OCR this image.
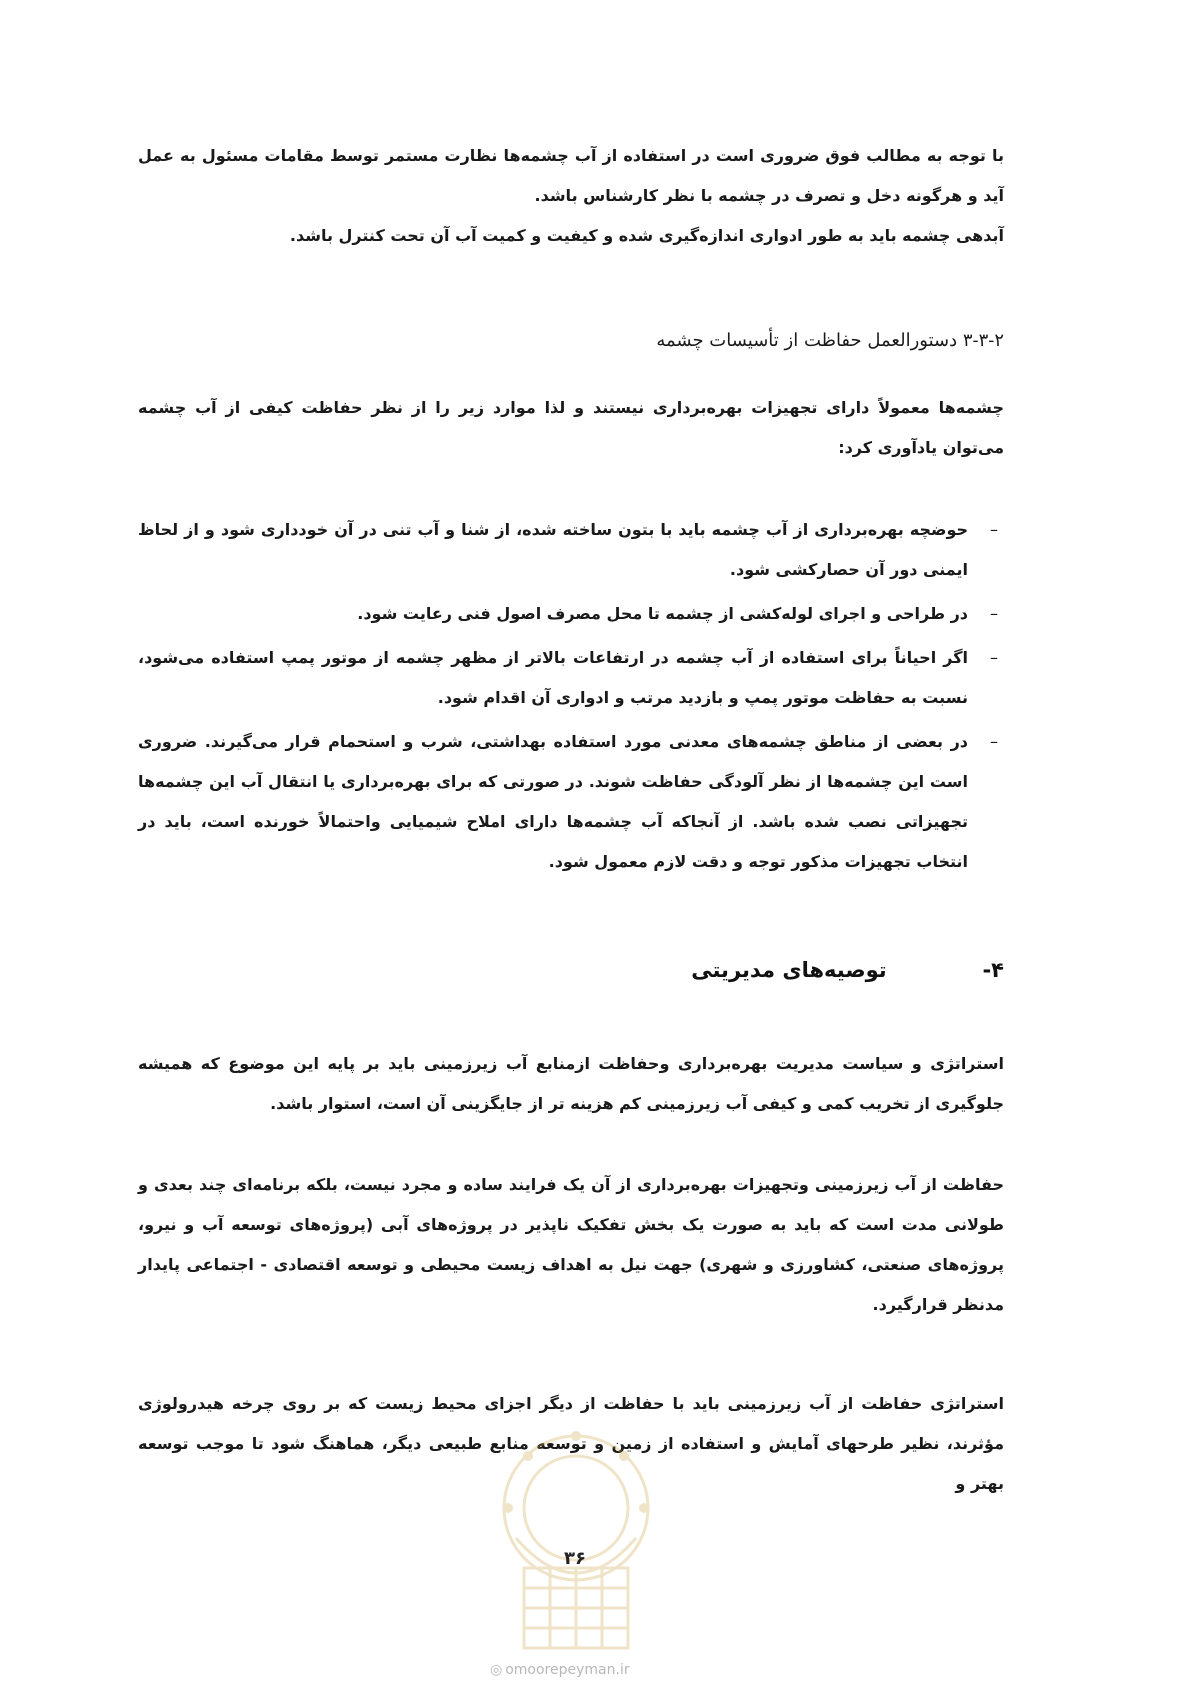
با توجه به مطالب فوق ضروری است در استفاده از آب چشمه‌ها نظارت مستمر توسط مقامات مسئول به عمل آید و هرگونه دخل و تصرف در چشمه با نظر کارشناس باشد.

آبدهی چشمه باید به طور ادواری اندازه‌گیری شده و کیفیت و کمیت آب آن تحت کنترل باشد.

۳-۳-۲ دستورالعمل حفاظت از تأسیسات چشمه
چشمه‌ها معمولاً دارای تجهیزات بهره‌برداری نیستند و لذا موارد زیر را از نظر حفاظت کیفی از آب چشمه می‌توان یادآوری کرد:
–
حوضچه بهره‌برداری از آب چشمه باید با بتون ساخته شده، از شنا و آب تنی در آن خودداری شود و از لحاظ ایمنی دور آن حصارکشی شود.
–
در طراحی و اجرای لوله‌کشی از چشمه تا محل مصرف اصول فنی رعایت شود.
–
اگر احیاناً برای استفاده از آب چشمه در ارتفاعات بالاتر از مظهر چشمه از موتور پمپ استفاده می‌شود، نسبت به حفاظت موتور پمپ و بازدید مرتب و ادواری آن اقدام شود.
–
در بعضی از مناطق چشمه‌های معدنی مورد استفاده بهداشتی، شرب و استحمام قرار می‌گیرند. ضروری است این چشمه‌ها از نظر آلودگی حفاظت شوند. در صورتی که برای بهره‌برداری یا انتقال آب این چشمه‌ها تجهیزاتی نصب شده باشد. از آنجاکه آب چشمه‌ها دارای املاح شیمیایی واحتمالاً خورنده است، باید در انتخاب تجهیزات مذکور توجه و دقت لازم معمول شود.
۴- توصیه‌های مدیریتی
استراتژی و سیاست مدیریت بهره‌برداری وحفاظت ازمنابع آب زیرزمینی باید بر پایه این موضوع که همیشه جلوگیری از تخریب کمی و کیفی آب زیرزمینی کم هزینه تر از جایگزینی آن است، استوار باشد.
حفاظت از آب زیرزمینی وتجهیزات بهره‌برداری از آن یک فرایند ساده و مجرد نیست، بلکه برنامه‌ای چند بعدی و طولانی مدت است که باید به صورت یک بخش تفکیک ناپذیر در پروژه‌های آبی (پروژه‌های توسعه آب و نیرو، پروژه‌های صنعتی، کشاورزی و شهری) جهت نیل به اهداف زیست محیطی و توسعه اقتصادی - اجتماعی پایدار مدنظر قرارگیرد.
استراتژی حفاظت از آب زیرزمینی باید با حفاظت از دیگر اجزای محیط زیست که بر روی چرخه هیدرولوژی مؤثرند، نظیر طرحهای آمایش و استفاده از زمین و توسعه منابع طبیعی دیگر، هماهنگ شود تا موجب توسعه بهتر و
۳۶
◎ omoorepeyman.ir
